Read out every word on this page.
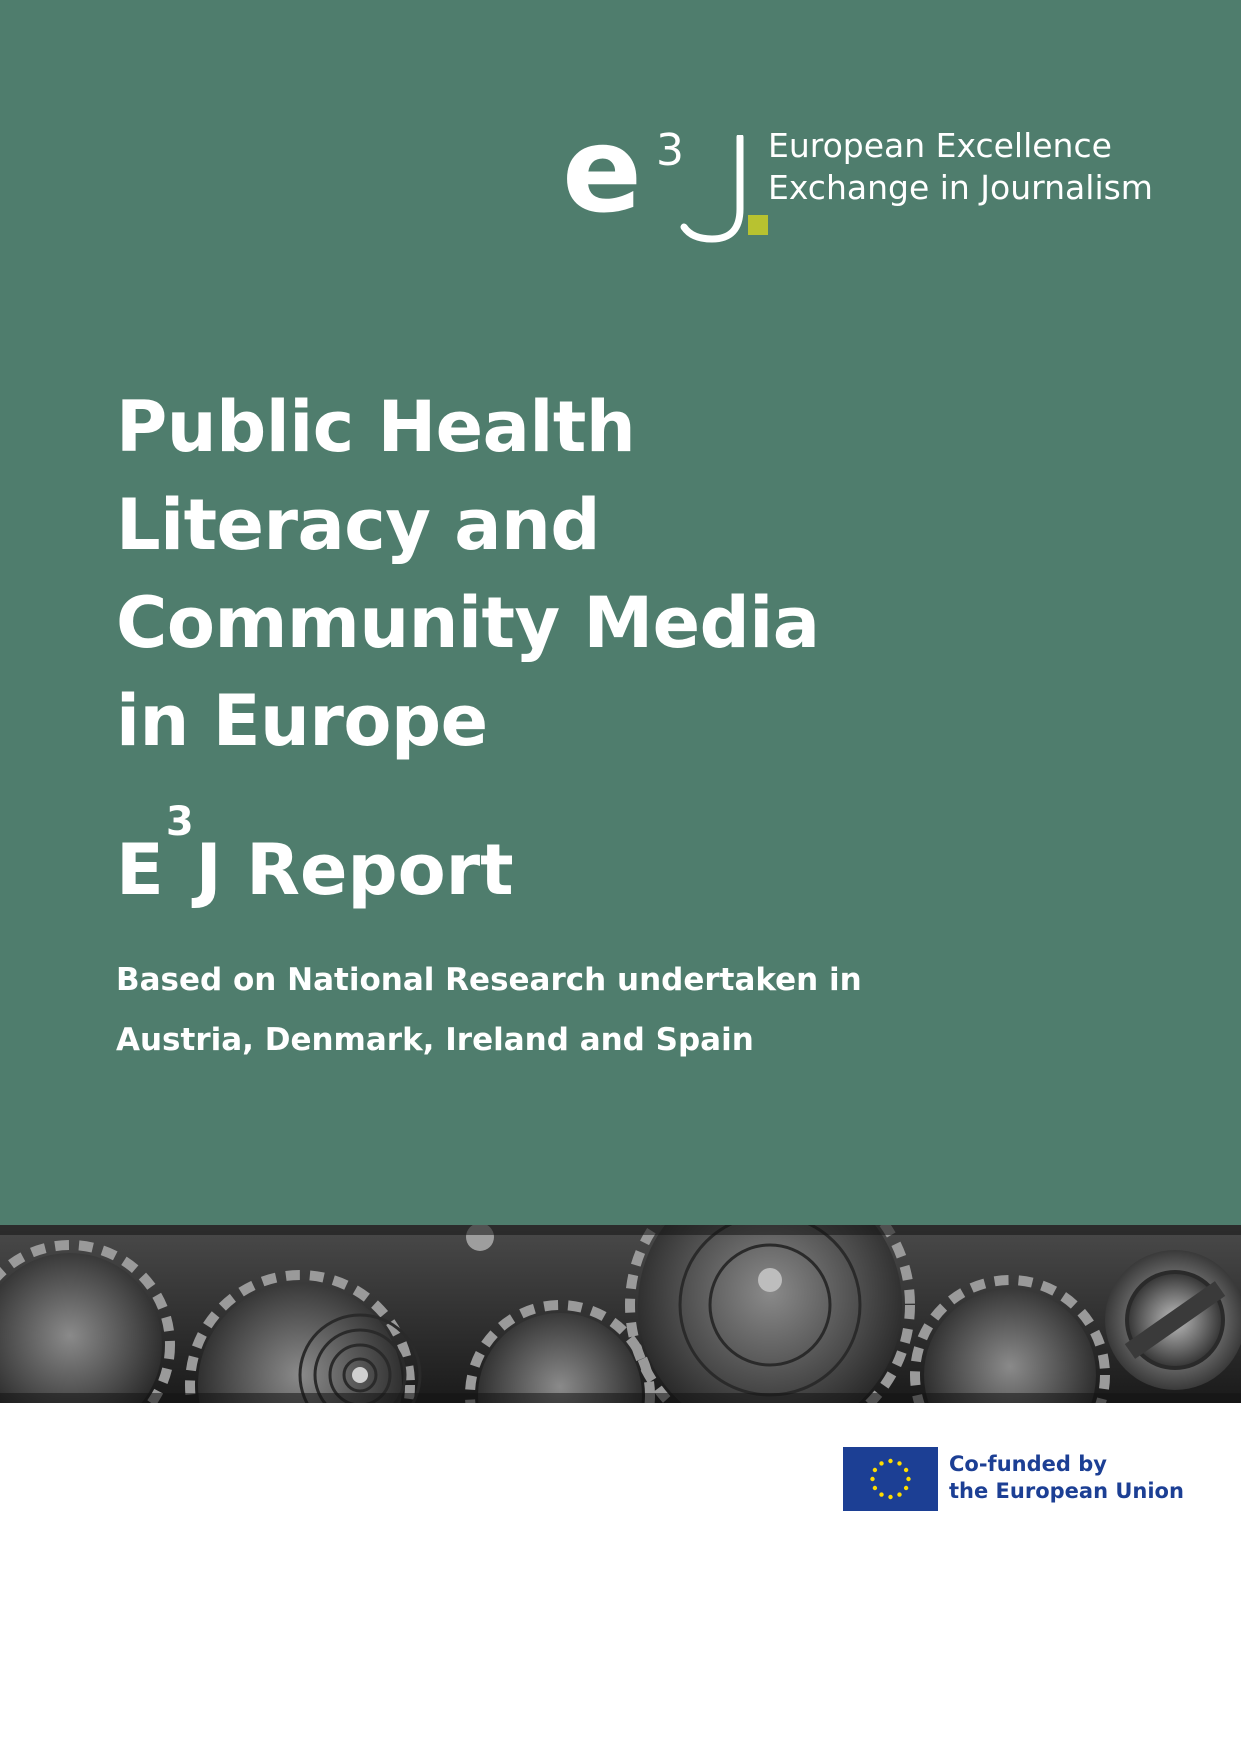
e 3	European Excellence
Exchange in Journalism
Public Health
Literacy and
Community Media
in Europe
$E^3J$ Report
Based on National Research undertaken in
Austria, Denmark, Ireland and Spain
Co-funded by
the European Union
